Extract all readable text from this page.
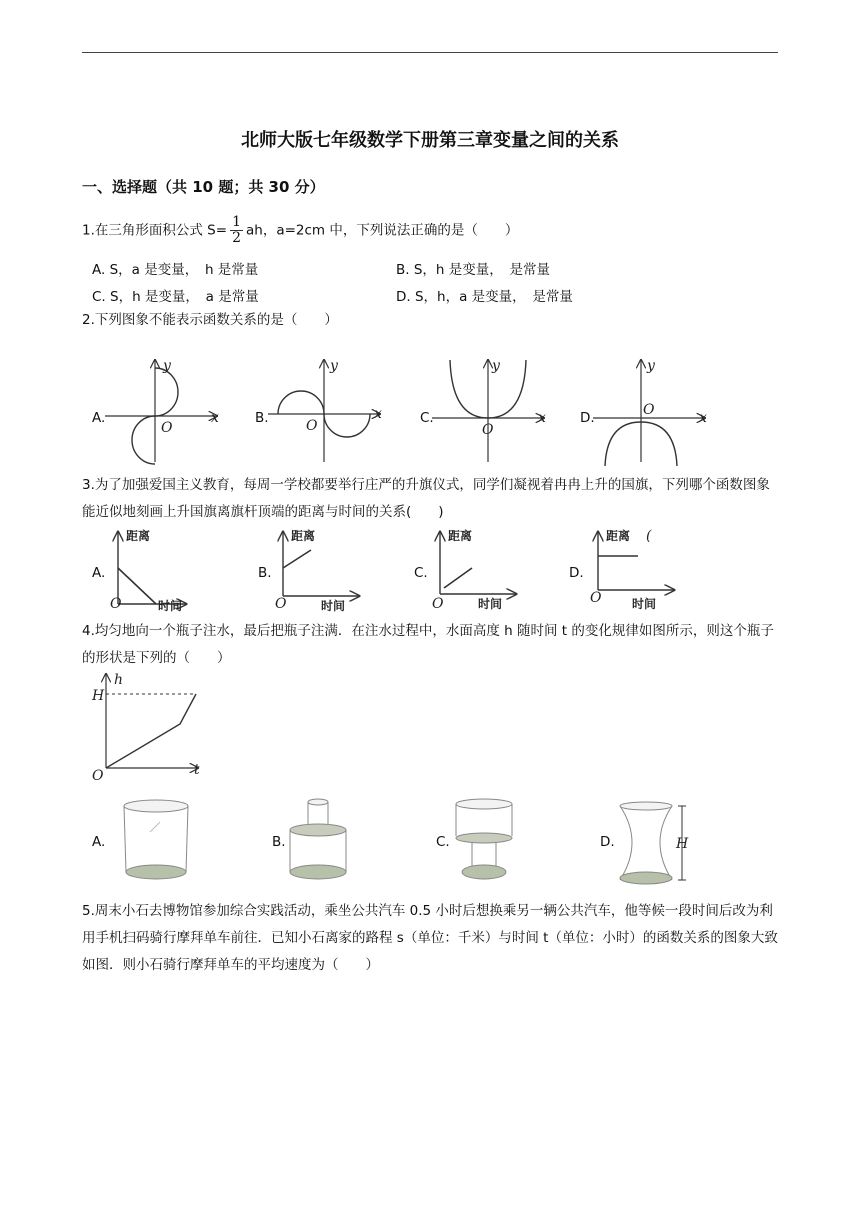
北师大版七年级数学下册第三章变量之间的关系
一、选择题（共 10 题；共 30 分）
1.在三角形面积公式 $S= \frac{1}{2}$ ah，a=2cm 中，下列说法正确的是（　　）
A. S，a 是变量，　h 是常量	B. S，h 是变量，　是常量
C. S，h 是变量，　a 是常量	D. S，h，a 是变量，　是常量
2.下列图象不能表示函数关系的是（　　）
A.
y
x
O
B.
y
x
O	C.
y
x
O
D.
y
x
O
3.为了加强爱国主义教育，每周一学校都要举行庄严的升旗仪式，同学们凝视着冉冉上升的国旗，下列哪个函数图象能近似地刻画上升国旗离旗杆顶端的距离与时间的关系(　　)
A.
距离
时间
O
B.
距离
时间
O
C.
距离
时间
O
D.
距离
时间
O
(
4.均匀地向一个瓶子注水，最后把瓶子注满．在注水过程中，水面高度 h 随时间 t 的变化规律如图所示，则这个瓶子的形状是下列的（　　）
h
H
t
O
A.	B.	C.	D.	H
5.周末小石去博物馆参加综合实践活动，乘坐公共汽车 0.5 小时后想换乘另一辆公共汽车，他等候一段时间后改为利用手机扫码骑行摩拜单车前往．已知小石离家的路程 s（单位：千米）与时间 t（单位：小时）的函数关系的图象大致如图．则小石骑行摩拜单车的平均速度为（　　）
